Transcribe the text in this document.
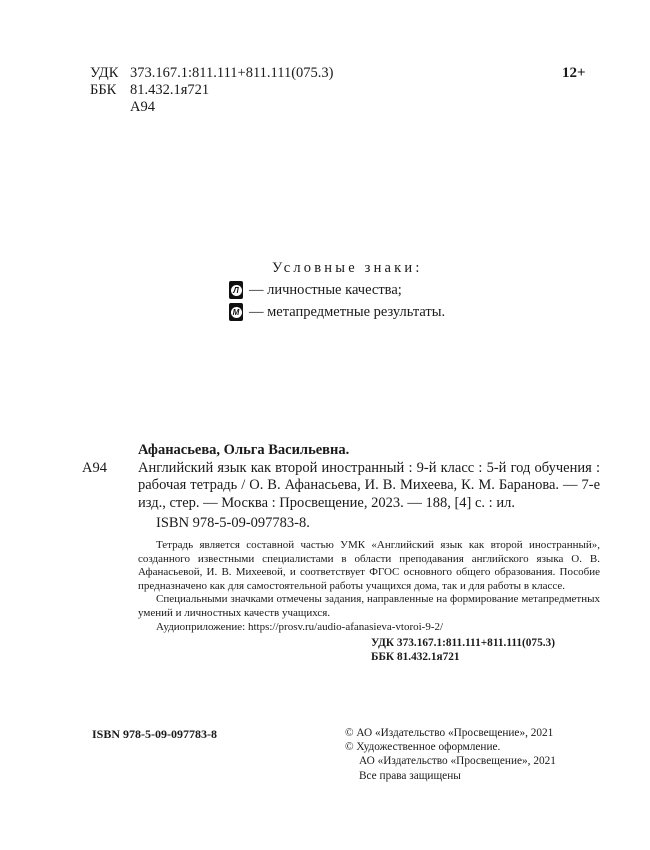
УДК 373.167.1:811.111+811.111(075.3)
ББК 81.432.1я721
А94
12+
Условные знаки:
Л — личностные качества;
М — метапредметные результаты.
Афанасьева, Ольга Васильевна.
А94 Английский язык как второй иностранный : 9-й класс : 5-й год обучения : рабочая тетрадь / О. В. Афанасьева, И. В. Михеева, К. М. Баранова. — 7-е изд., стер. — Москва : Просвещение, 2023. — 188, [4] с. : ил.
ISBN 978-5-09-097783-8.

Тетрадь является составной частью УМК «Английский язык как второй иностранный», созданного известными специалистами в области преподавания английского языка О. В. Афанасьевой, И. В. Михеевой, и соответствует ФГОС основного общего образования. Пособие предназначено как для самостоятельной работы учащихся дома, так и для работы в классе.

Специальными значками отмечены задания, направленные на формирование метапредметных умений и личностных качеств учащихся.

Аудиоприложение: https://prosv.ru/audio-afanasieva-vtoroi-9-2/

УДК 373.167.1:811.111+811.111(075.3)
ББК 81.432.1я721
ISBN 978-5-09-097783-8	© АО «Издательство «Просвещение», 2021
© Художественное оформление.
АО «Издательство «Просвещение», 2021
Все права защищены
